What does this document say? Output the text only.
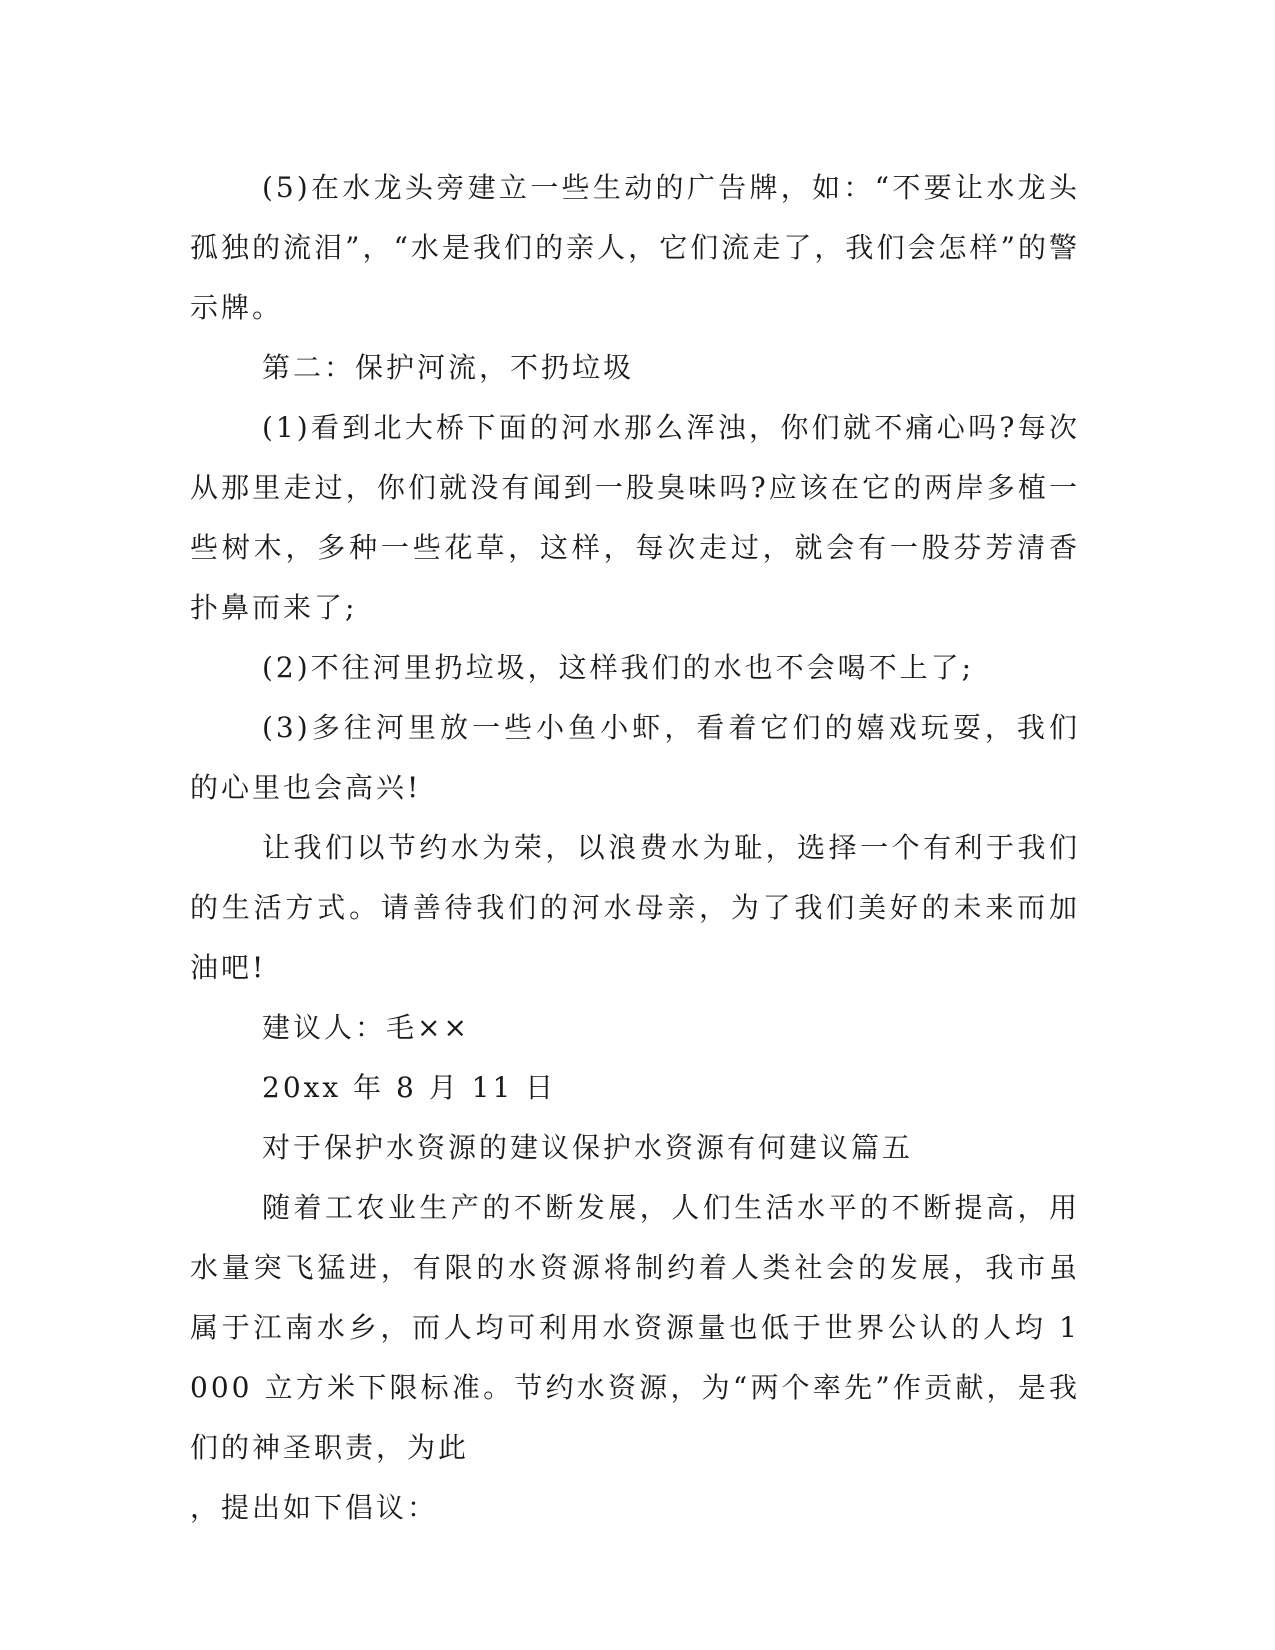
(5)在水龙头旁建立一些生动的广告牌，如：“不要让水龙头孤独的流泪”，“水是我们的亲人，它们流走了，我们会怎样”的警示牌。

第二：保护河流，不扔垃圾

(1)看到北大桥下面的河水那么浑浊，你们就不痛心吗?每次从那里走过，你们就没有闻到一股臭味吗?应该在它的两岸多植一些树木，多种一些花草，这样，每次走过，就会有一股芬芳清香扑鼻而来了;

(2)不往河里扔垃圾，这样我们的水也不会喝不上了;

(3)多往河里放一些小鱼小虾，看着它们的嬉戏玩耍，我们的心里也会高兴!

让我们以节约水为荣，以浪费水为耻，选择一个有利于我们的生活方式。请善待我们的河水母亲，为了我们美好的未来而加油吧!

建议人：毛××

20xx 年 8 月 11 日

对于保护水资源的建议保护水资源有何建议篇五

随着工农业生产的不断发展，人们生活水平的不断提高，用水量突飞猛进，有限的水资源将制约着人类社会的发展，我市虽属于江南水乡，而人均可利用水资源量也低于世界公认的人均 1000 立方米下限标准。节约水资源，为“两个率先”作贡献，是我们的神圣职责，为此

，提出如下倡议：
